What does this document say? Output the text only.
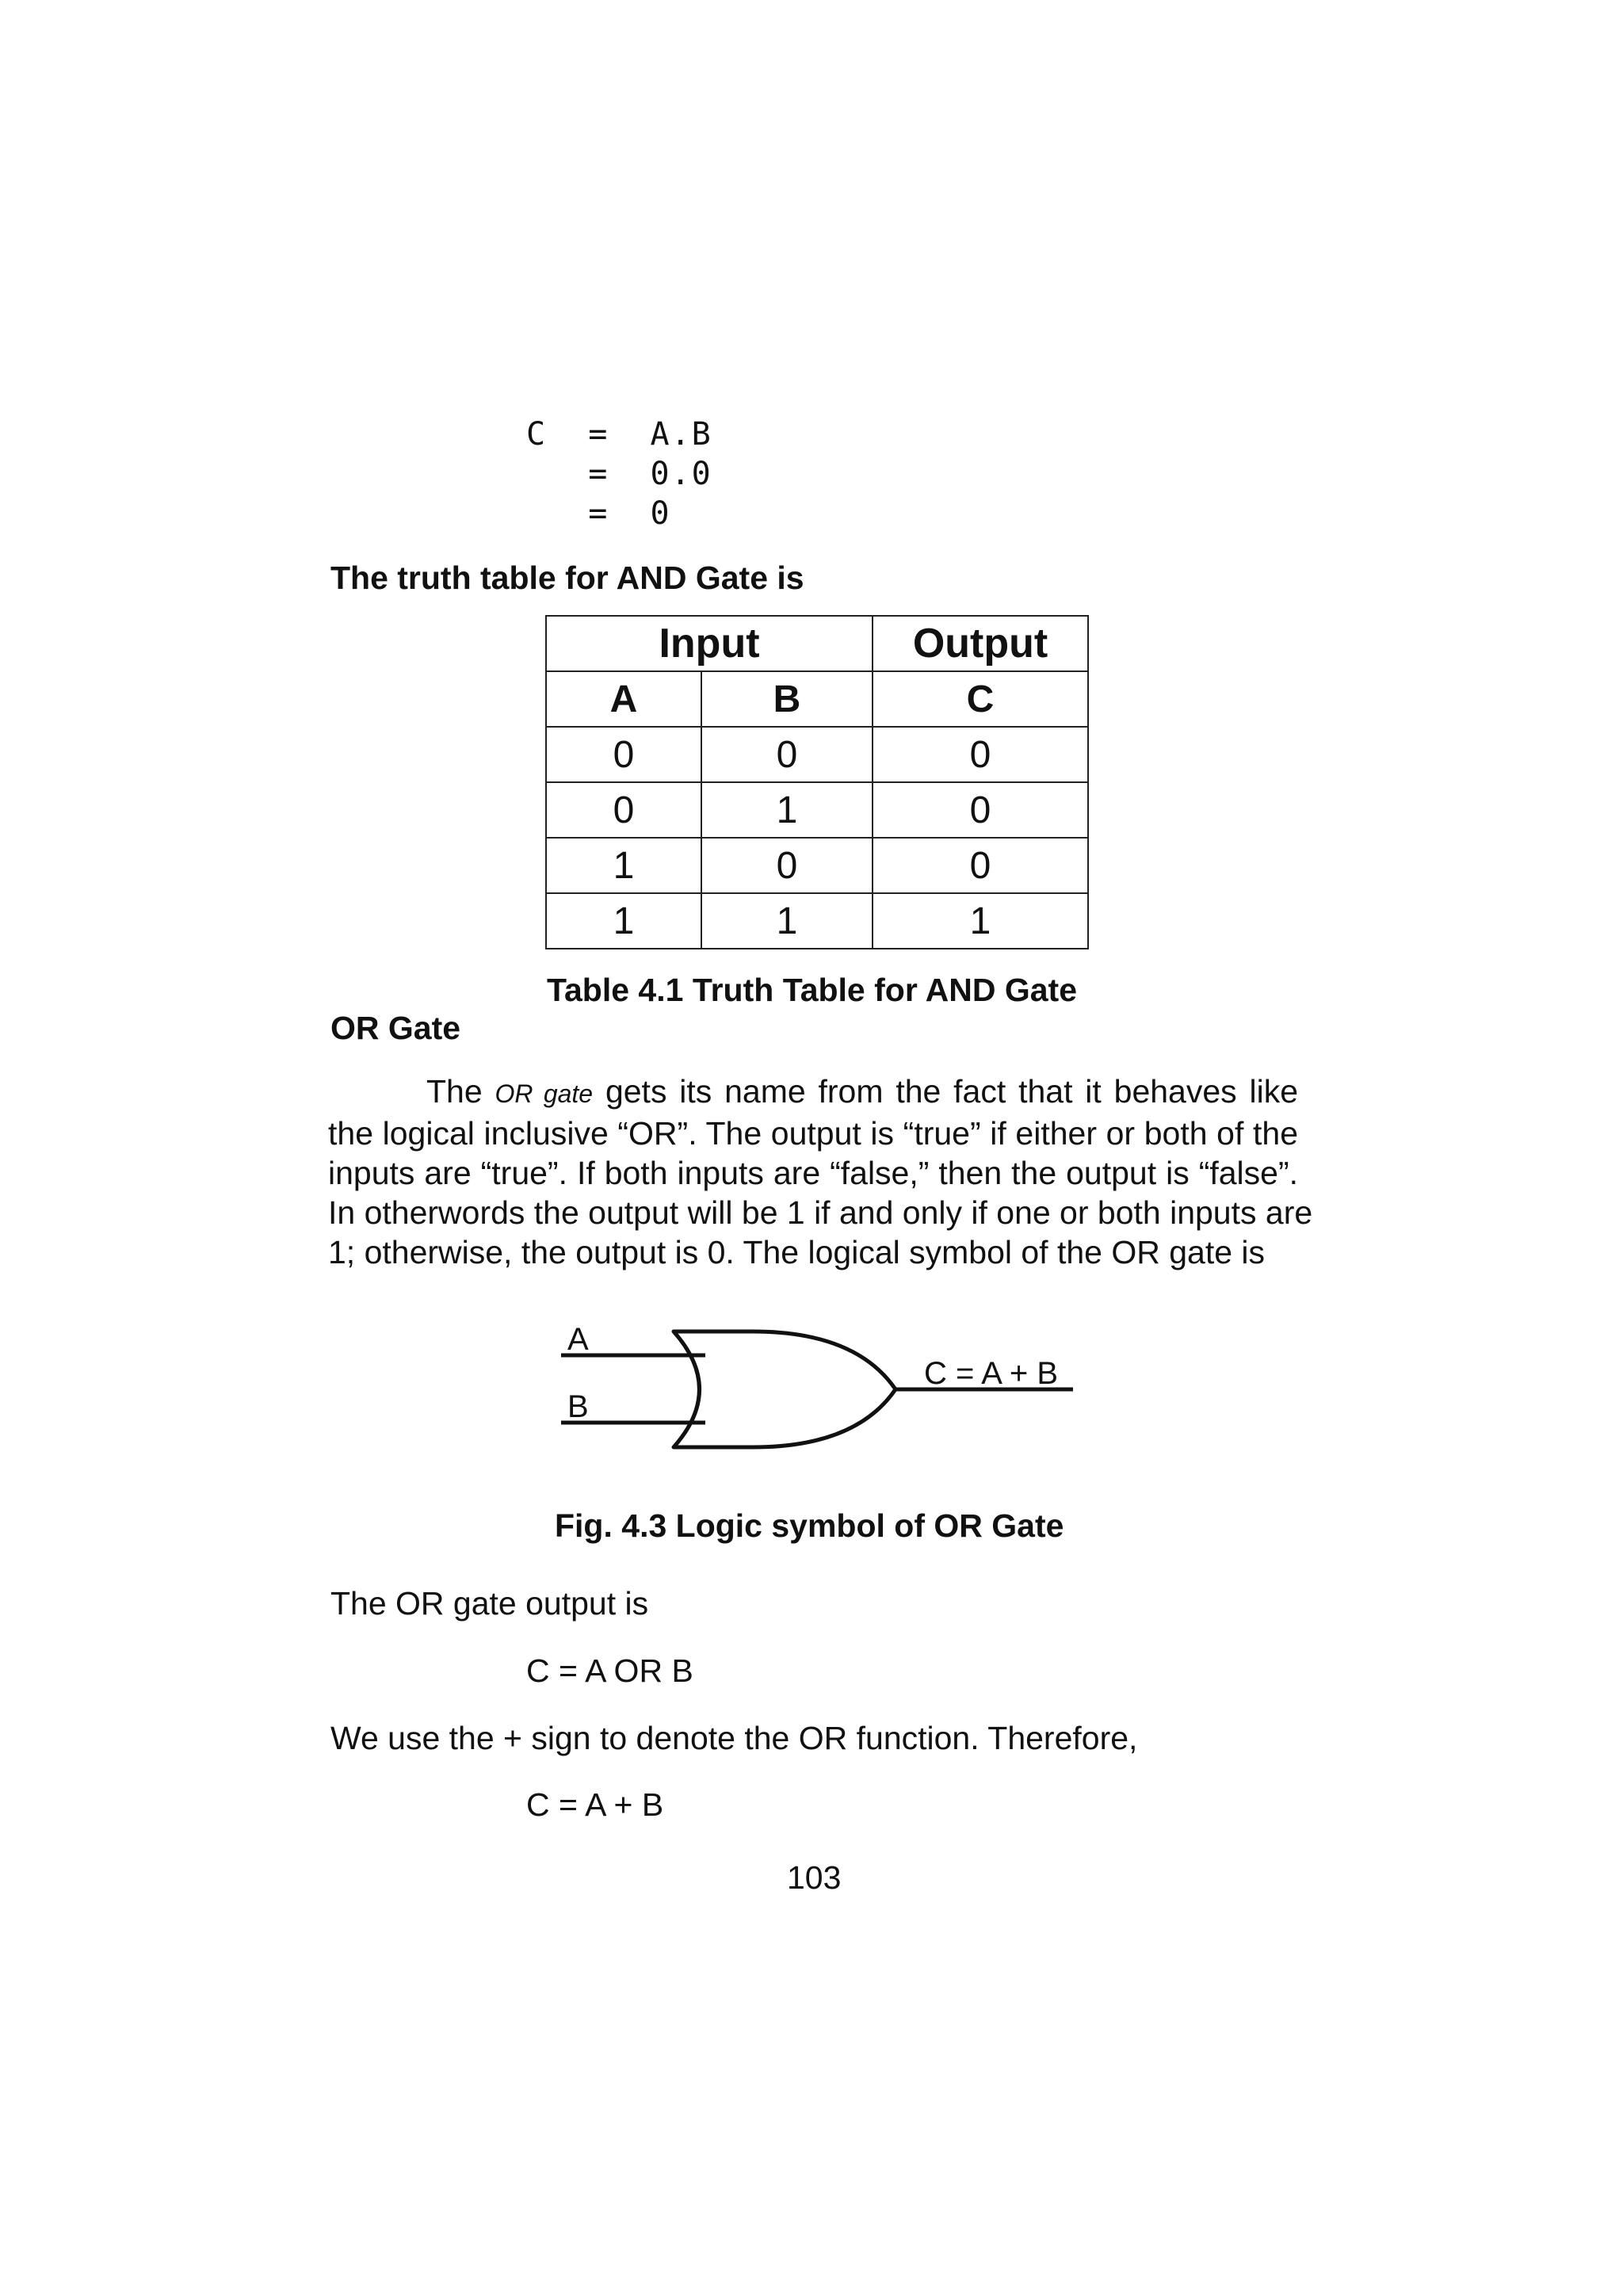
C  =  A.B
=  0.0
=  0
The truth table for AND Gate is
Input		Output
A	B	C
0	0	0
0	1	0
1	0	0
1	1	1
Table 4.1 Truth Table for AND Gate
OR Gate
The OR gate gets its name from the fact that it behaves like
the logical inclusive “OR”. The output is “true” if either or both of the
inputs are “true”. If both inputs are “false,” then the output is “false”.
In otherwords the output will be 1 if and only if one or both inputs are
1; otherwise, the output is 0. The logical symbol of the OR gate is
A
B
C = A + B
Fig. 4.3 Logic symbol of OR Gate
The OR gate output is
C = A OR B
We use the + sign to denote the OR function. Therefore,
C = A + B
103
